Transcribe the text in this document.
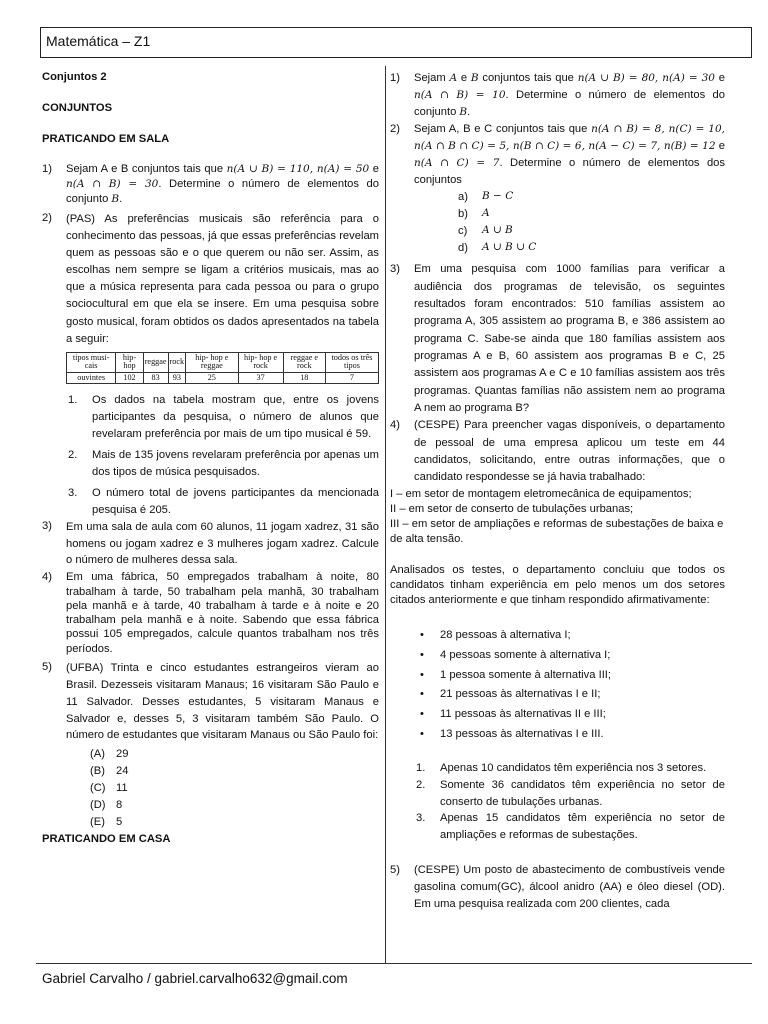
Matemática – Z1
Conjuntos 2
CONJUNTOS
PRATICANDO EM SALA
1)	Sejam A e B conjuntos tais que n(A ∪ B) = 110, n(A) = 50 e n(A ∩ B) = 30. Determine o número de elementos do conjunto B.
2)	(PAS) As preferências musicais são referência para o conhecimento das pessoas, já que essas preferências revelam quem as pessoas são e o que querem ou não ser. Assim, as escolhas nem sempre se ligam a critérios musicais, mas ao que a música representa para cada pessoa ou para o grupo sociocultural em que ela se insere. Em uma pesquisa sobre gosto musical, foram obtidos os dados apresentados na tabela a seguir:
tipos musi- cais	hip- hop	reggae	rock	hip- hop e reggae	hip- hop e rock	reggae e rock	todos os três tipos
ouvintes	102	83	93	25	37	18	7
1.	Os dados na tabela mostram que, entre os jovens participantes da pesquisa, o número de alunos que revelaram preferência por mais de um tipo musical é 59.
2.	Mais de 135 jovens revelaram preferência por apenas um dos tipos de música pesquisados.
3.	O número total de jovens participantes da mencionada pesquisa é 205.
3)	Em uma sala de aula com 60 alunos, 11 jogam xadrez, 31 são homens ou jogam xadrez e 3 mulheres jogam xadrez. Calcule o número de mulheres dessa sala.
4)	Em uma fábrica, 50 empregados trabalham à noite, 80 trabalham à tarde, 50 trabalham pela manhã, 30 trabalham pela manhã e à tarde, 40 trabalham à tarde e à noite e 20 trabalham pela manhã e à noite. Sabendo que essa fábrica possui 105 empregados, calcule quantos trabalham nos três períodos.
5)	(UFBA) Trinta e cinco estudantes estrangeiros vieram ao Brasil. Dezesseis visitaram Manaus; 16 visitaram São Paulo e 11 Salvador. Desses estudantes, 5 visitaram Manaus e Salvador e, desses 5, 3 visitaram também São Paulo. O número de estudantes que visitaram Manaus ou São Paulo foi:
(A) 29
(B) 24
(C) 11
(D) 8
(E) 5
PRATICANDO EM CASA
1)	Sejam A e B conjuntos tais que n(A ∪ B) = 80, n(A) = 30 e n(A ∩ B) = 10. Determine o número de elementos do conjunto B.
2)	Sejam A, B e C conjuntos tais que n(A ∩ B) = 8, n(C) = 10, n(A ∩ B ∩ C) = 5, n(B ∩ C) = 6, n(A − C) = 7, n(B) = 12 e n(A ∩ C) = 7. Determine o número de elementos dos conjuntos
a)	B − C
b)	A
c)	A ∪ B
d)	A ∪ B ∪ C
3)	Em uma pesquisa com 1000 famílias para verificar a audiência dos programas de televisão, os seguintes resultados foram encontrados: 510 famílias assistem ao programa A, 305 assistem ao programa B, e 386 assistem ao programa C. Sabe-se ainda que 180 famílias assistem aos programas A e B, 60 assistem aos programas B e C, 25 assistem aos programas A e C e 10 famílias assistem aos três programas. Quantas famílias não assistem nem ao programa A nem ao programa B?
4)	(CESPE) Para preencher vagas disponíveis, o departamento de pessoal de uma empresa aplicou um teste em 44 candidatos, solicitando, entre outras informações, que o candidato respondesse se já havia trabalhado:
I – em setor de montagem eletromecânica de equipamentos;
II – em setor de conserto de tubulações urbanas;
III – em setor de ampliações e reformas de subestações de baixa e de alta tensão.
Analisados os testes, o departamento concluiu que todos os candidatos tinham experiência em pelo menos um dos setores citados anteriormente e que tinham respondido afirmativamente:
•	28 pessoas à alternativa I;
•	4 pessoas somente à alternativa I;
•	1 pessoa somente à alternativa III;
•	21 pessoas às alternativas I e II;
•	11 pessoas às alternativas II e III;
•	13 pessoas às alternativas I e III.
1.	Apenas 10 candidatos têm experiência nos 3 setores.
2.	Somente 36 candidatos têm experiência no setor de conserto de tubulações urbanas.
3.	Apenas 15 candidatos têm experiência no setor de ampliações e reformas de subestações.
5)	(CESPE) Um posto de abastecimento de combustíveis vende gasolina comum(GC), álcool anidro (AA) e óleo diesel (OD). Em uma pesquisa realizada com 200 clientes, cada
Gabriel Carvalho / gabriel.carvalho632@gmail.com
